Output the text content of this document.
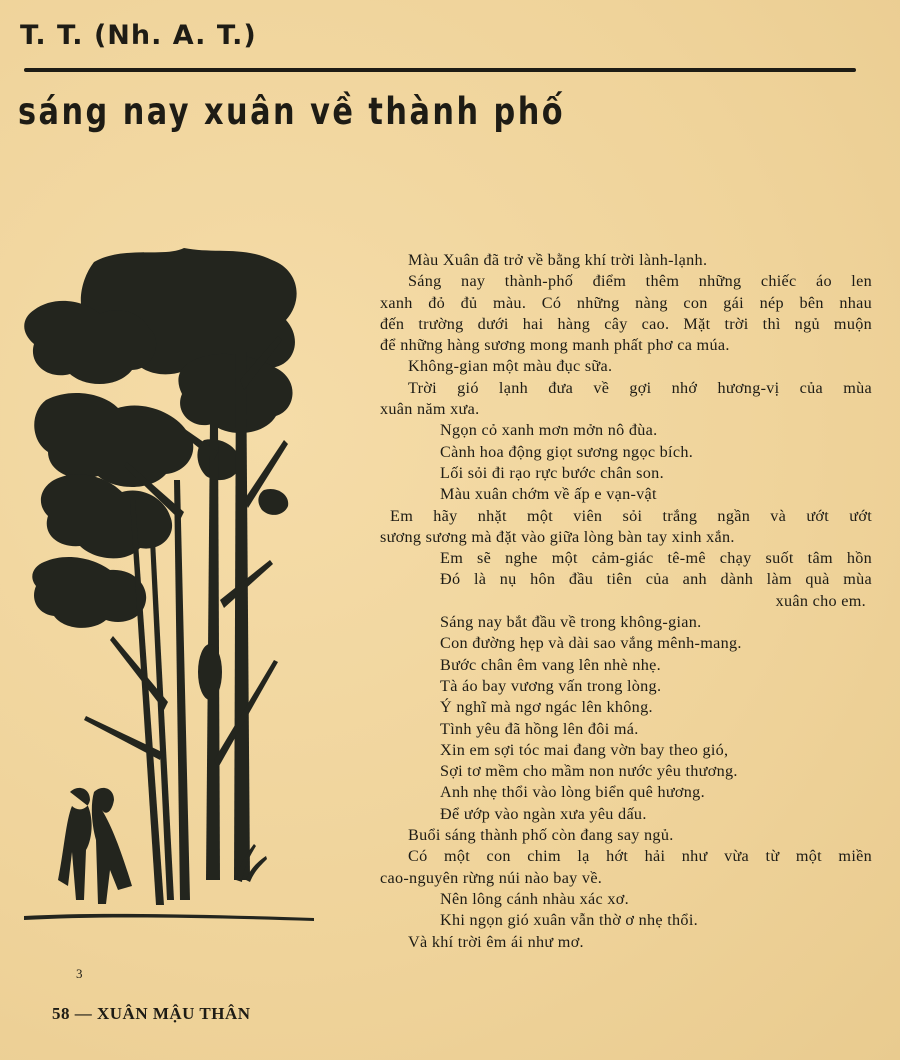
T. T. (Nh. A. T.)
sáng nay xuân về thành phố
3
Màu Xuân đã trở về bằng khí trời lành-lạnh.
Sáng nay thành-phố điểm thêm những chiếc áo len
xanh đỏ đủ màu. Có những nàng con gái nép bên nhau
đến trường dưới hai hàng cây cao. Mặt trời thì ngủ muộn
để những hàng sương mong manh phất phơ ca múa.
Không-gian một màu đục sữa.
Trời gió lạnh đưa về gợi nhớ hương-vị của mùa
xuân năm xưa.
Ngọn cỏ xanh mơn mởn nô đùa.
Cành hoa động giọt sương ngọc bích.
Lối sỏi đi rạo rực bước chân son.
Màu xuân chớm về ấp e vạn-vật
Em hãy nhặt một viên sỏi trắng ngần và ướt ướt
sương sương mà đặt vào giữa lòng bàn tay xinh xắn.
Em sẽ nghe một cảm-giác tê-mê chạy suốt tâm hồn
Đó là nụ hôn đầu tiên của anh dành làm quà mùa
xuân cho em.
Sáng nay bắt đầu về trong không-gian.
Con đường hẹp và dài sao vắng mênh-mang.
Bước chân êm vang lên nhè nhẹ.
Tà áo bay vương vấn trong lòng.
Ý nghĩ mà ngơ ngác lên không.
Tình yêu đã hồng lên đôi má.
Xin em sợi tóc mai đang vờn bay theo gió,
Sợi tơ mềm cho mầm non nước yêu thương.
Anh nhẹ thổi vào lòng biển quê hương.
Để ướp vào ngàn xưa yêu dấu.
Buổi sáng thành phố còn đang say ngủ.
Có một con chim lạ hớt hải như vừa từ một miền
cao-nguyên rừng núi nào bay về.
Nên lông cánh nhàu xác xơ.
Khi ngọn gió xuân vẫn thờ ơ nhẹ thổi.
Và khí trời êm ái như mơ.
58 — XUÂN MẬU THÂN
